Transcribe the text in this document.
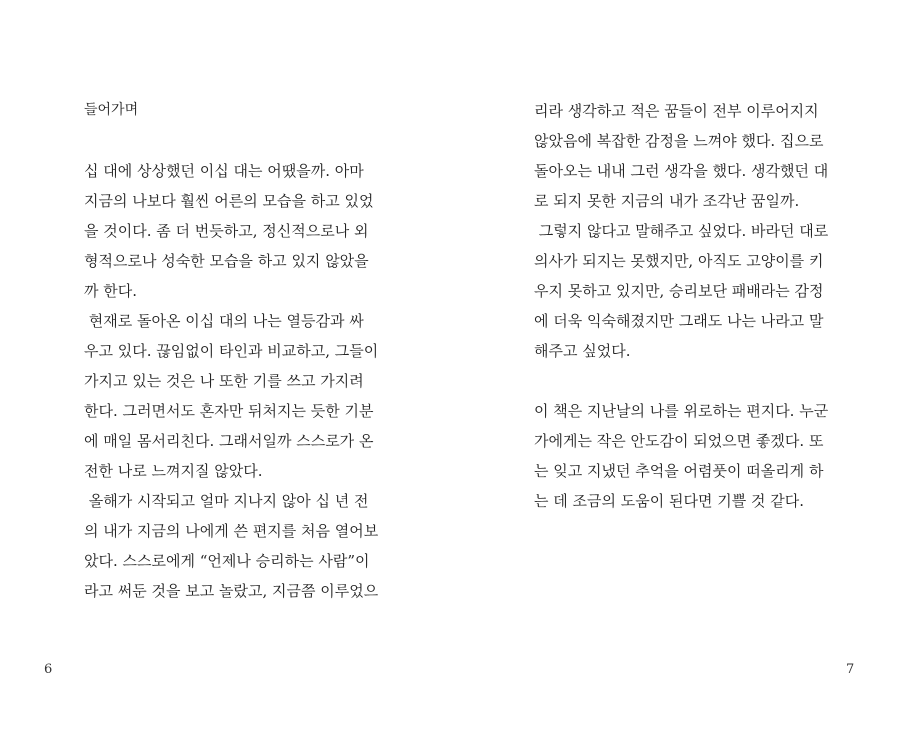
들어가며
십 대에 상상했던 이십 대는 어땠을까. 아마
지금의 나보다 훨씬 어른의 모습을 하고 있었
을 것이다. 좀 더 번듯하고, 정신적으로나 외
형적으로나 성숙한 모습을 하고 있지 않았을
까 한다.
현재로 돌아온 이십 대의 나는 열등감과 싸
우고 있다. 끊임없이 타인과 비교하고, 그들이
가지고 있는 것은 나 또한 기를 쓰고 가지려
한다. 그러면서도 혼자만 뒤처지는 듯한 기분
에 매일 몸서리친다. 그래서일까 스스로가 온
전한 나로 느껴지질 않았다.
올해가 시작되고 얼마 지나지 않아 십 년 전
의 내가 지금의 나에게 쓴 편지를 처음 열어보
았다. 스스로에게 “언제나 승리하는 사람”이
라고 써둔 것을 보고 놀랐고, 지금쯤 이루었으
6
리라 생각하고 적은 꿈들이 전부 이루어지지
않았음에 복잡한 감정을 느껴야 했다. 집으로
돌아오는 내내 그런 생각을 했다. 생각했던 대
로 되지 못한 지금의 내가 조각난 꿈일까.
그렇지 않다고 말해주고 싶었다. 바라던 대로
의사가 되지는 못했지만, 아직도 고양이를 키
우지 못하고 있지만, 승리보단 패배라는 감정
에 더욱 익숙해졌지만 그래도 나는 나라고 말
해주고 싶었다.
이 책은 지난날의 나를 위로하는 편지다. 누군
가에게는 작은 안도감이 되었으면 좋겠다. 또
는 잊고 지냈던 추억을 어렴풋이 떠올리게 하
는 데 조금의 도움이 된다면 기쁠 것 같다.
7
